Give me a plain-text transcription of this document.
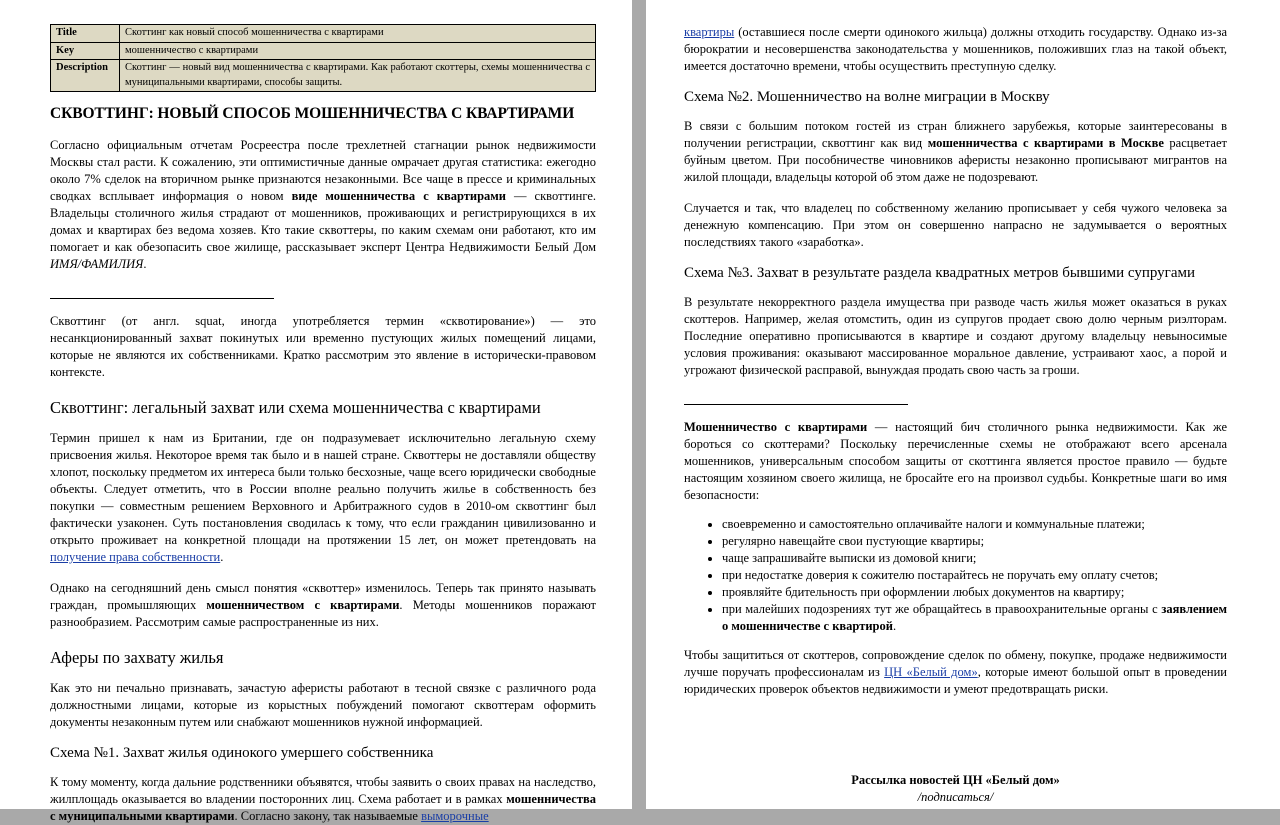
Title	Скоттинг как новый способ мошенничества с квартирами
Key	мошенничество с квартирами
Description	Скоттинг — новый вид мошенничества с квартирами. Как работают скоттеры, схемы мошенничества с муниципальными квартирами, способы защиты.
СКВОТТИНГ: НОВЫЙ СПОСОБ МОШЕННИЧЕСТВА С КВАРТИРАМИ

Согласно официальным отчетам Росреестра после трехлетней стагнации рынок недвижимости Москвы стал расти. К сожалению, эти оптимистичные данные омрачает другая статистика: ежегодно около 7% сделок на вторичном рынке признаются незаконными. Все чаще в прессе и криминальных сводках всплывает информация о новом виде мошенничества с квартирами — сквоттинге. Владельцы столичного жилья страдают от мошенников, проживающих и регистрирующихся в их домах и квартирах без ведома хозяев. Кто такие сквоттеры, по каким схемам они работают, кто им помогает и как обезопасить свое жилище, рассказывает эксперт Центра Недвижимости Белый Дом ИМЯ/ФАМИЛИЯ.

Сквоттинг (от англ. squat, иногда употребляется термин «сквотирование») — это несанкционированный захват покинутых или временно пустующих жилых помещений лицами, которые не являются их собственниками. Кратко рассмотрим это явление в исторически-правовом контексте.

Сквоттинг: легальный захват или схема мошенничества с квартирами

Термин пришел к нам из Британии, где он подразумевает исключительно легальную схему присвоения жилья. Некоторое время так было и в нашей стране. Сквоттеры не доставляли обществу хлопот, поскольку предметом их интереса были только бесхозные, чаще всего юридически свободные объекты. Следует отметить, что в России вполне реально получить жилье в собственность без покупки — совместным решением Верховного и Арбитражного судов в 2010-ом сквоттинг был фактически узаконен. Суть постановления сводилась к тому, что если гражданин цивилизованно и открыто проживает на конкретной площади на протяжении 15 лет, он может претендовать на получение права собственности.

Однако на сегодняшний день смысл понятия «сквоттер» изменилось. Теперь так принято называть граждан, промышляющих мошенничеством с квартирами. Методы мошенников поражают разнообразием. Рассмотрим самые распространенные из них.

Аферы по захвату жилья

Как это ни печально признавать, зачастую аферисты работают в тесной связке с различного рода должностными лицами, которые из корыстных побуждений помогают сквоттерам оформить документы незаконным путем или снабжают мошенников нужной информацией.

Схема №1. Захват жилья одинокого умершего собственника

К тому моменту, когда дальние родственники объявятся, чтобы заявить о своих правах на наследство, жилплощадь оказывается во владении посторонних лиц. Схема работает и в рамках мошенничества с муниципальными квартирами. Согласно закону, так называемые выморочные

квартиры (оставшиеся после смерти одинокого жильца) должны отходить государству. Однако из-за бюрократии и несовершенства законодательства у мошенников, положивших глаз на такой объект, имеется достаточно времени, чтобы осуществить преступную сделку.

Схема №2. Мошенничество на волне миграции в Москву

В связи с большим потоком гостей из стран ближнего зарубежья, которые заинтересованы в получении регистрации, сквоттинг как вид мошенничества с квартирами в Москве расцветает буйным цветом. При пособничестве чиновников аферисты незаконно прописывают мигрантов на жилой площади, владельцы которой об этом даже не подозревают.

Случается и так, что владелец по собственному желанию прописывает у себя чужого человека за денежную компенсацию. При этом он совершенно напрасно не задумывается о вероятных последствиях такого «заработка».

Схема №3. Захват в результате раздела квадратных метров бывшими супругами

В результате некорректного раздела имущества при разводе часть жилья может оказаться в руках скоттеров. Например, желая отомстить, один из супругов продает свою долю черным риэлторам. Последние оперативно прописываются в квартире и создают другому владельцу невыносимые условия проживания: оказывают массированное моральное давление, устраивают хаос, а порой и угрожают физической расправой, вынуждая продать свою часть за гроши.

Мошенничество с квартирами — настоящий бич столичного рынка недвижимости. Как же бороться со скоттерами? Поскольку перечисленные схемы не отображают всего арсенала мошенников, универсальным способом защиты от скоттинга является простое правило — будьте настоящим хозяином своего жилища, не бросайте его на произвол судьбы. Конкретные шаги во имя безопасности:

• своевременно и самостоятельно оплачивайте налоги и коммунальные платежи;
• регулярно навещайте свои пустующие квартиры;
• чаще запрашивайте выписки из домовой книги;
• при недостатке доверия к сожителю постарайтесь не поручать ему оплату счетов;
• проявляйте бдительность при оформлении любых документов на квартиру;
• при малейших подозрениях тут же обращайтесь в правоохранительные органы с заявлением о мошенничестве с квартирой.

Чтобы защититься от скоттеров, сопровождение сделок по обмену, покупке, продаже недвижимости лучше поручать профессионалам из ЦН «Белый дом», которые имеют большой опыт в проведении юридических проверок объектов недвижимости и умеют предотвращать риски.

Рассылка новостей ЦН «Белый дом»
/подписаться/
